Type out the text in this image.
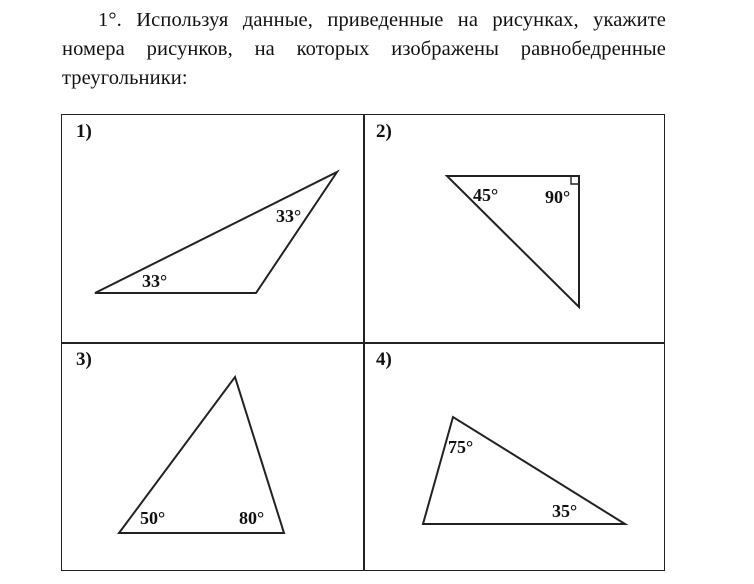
1°. Используя данные, приведенные на рисунках, укажите номера рисунков, на которых изображены равнобедренные треугольники:
1)	2)
3)	4)
33°
33°
45°	90°
50°	80°
75°
35°
